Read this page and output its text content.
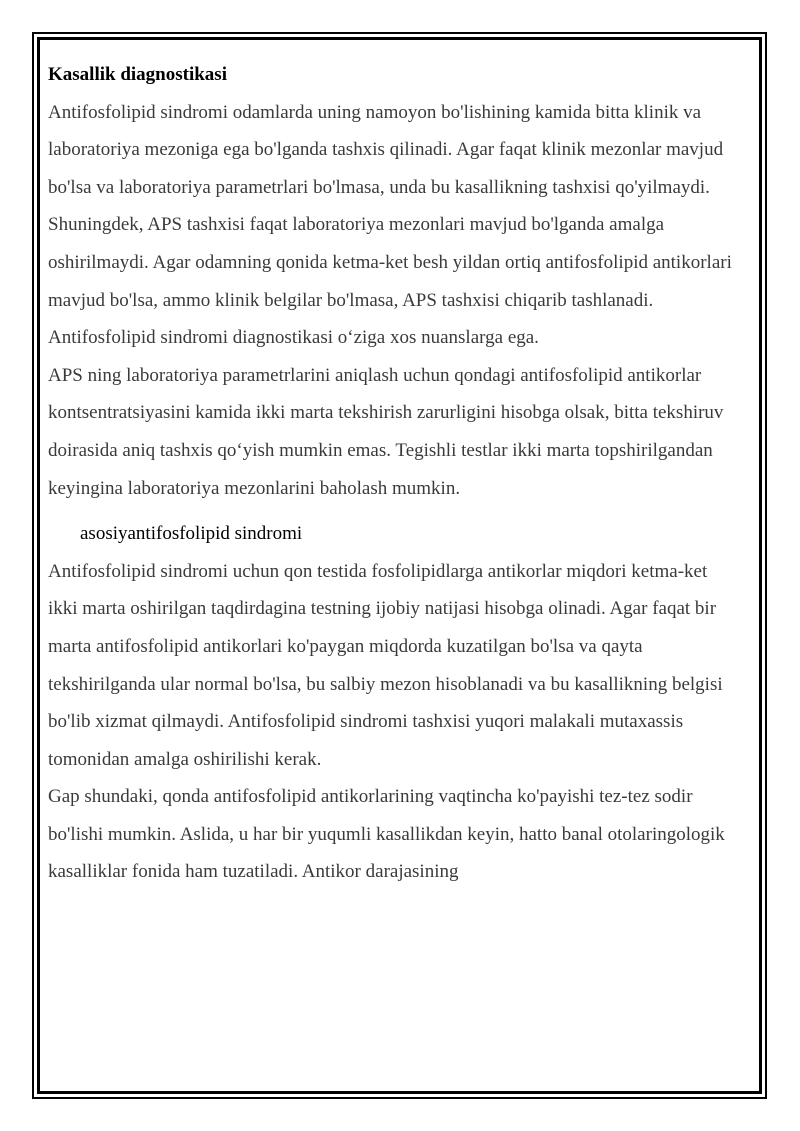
Kasallik diagnostikasi

Antifosfolipid sindromi odamlarda uning namoyon bo'lishining kamida bitta klinik va laboratoriya mezoniga ega bo'lganda tashxis qilinadi. Agar faqat klinik mezonlar mavjud bo'lsa va laboratoriya parametrlari bo'lmasa, unda bu kasallikning tashxisi qo'yilmaydi. Shuningdek, APS tashxisi faqat laboratoriya mezonlari mavjud bo'lganda amalga oshirilmaydi. Agar odamning qonida ketma-ket besh yildan ortiq antifosfolipid antikorlari mavjud bo'lsa, ammo klinik belgilar bo'lmasa, APS tashxisi chiqarib tashlanadi.

Antifosfolipid sindromi diagnostikasi o‘ziga xos nuanslarga ega.

APS ning laboratoriya parametrlarini aniqlash uchun qondagi antifosfolipid antikorlar kontsentratsiyasini kamida ikki marta tekshirish zarurligini hisobga olsak, bitta tekshiruv doirasida aniq tashxis qo‘yish mumkin emas. Tegishli testlar ikki marta topshirilgandan keyingina laboratoriya mezonlarini baholash mumkin.

asosiyantifosfolipid sindromi

Antifosfolipid sindromi uchun qon testida fosfolipidlarga antikorlar miqdori ketma-ket ikki marta oshirilgan taqdirdagina testning ijobiy natijasi hisobga olinadi. Agar faqat bir marta antifosfolipid antikorlari ko'paygan miqdorda kuzatilgan bo'lsa va qayta tekshirilganda ular normal bo'lsa, bu salbiy mezon hisoblanadi va bu kasallikning belgisi bo'lib xizmat qilmaydi. Antifosfolipid sindromi tashxisi yuqori malakali mutaxassis tomonidan amalga oshirilishi kerak.

Gap shundaki, qonda antifosfolipid antikorlarining vaqtincha ko'payishi tez-tez sodir bo'lishi mumkin. Aslida, u har bir yuqumli kasallikdan keyin, hatto banal otolaringologik kasalliklar fonida ham tuzatiladi. Antikor darajasining
